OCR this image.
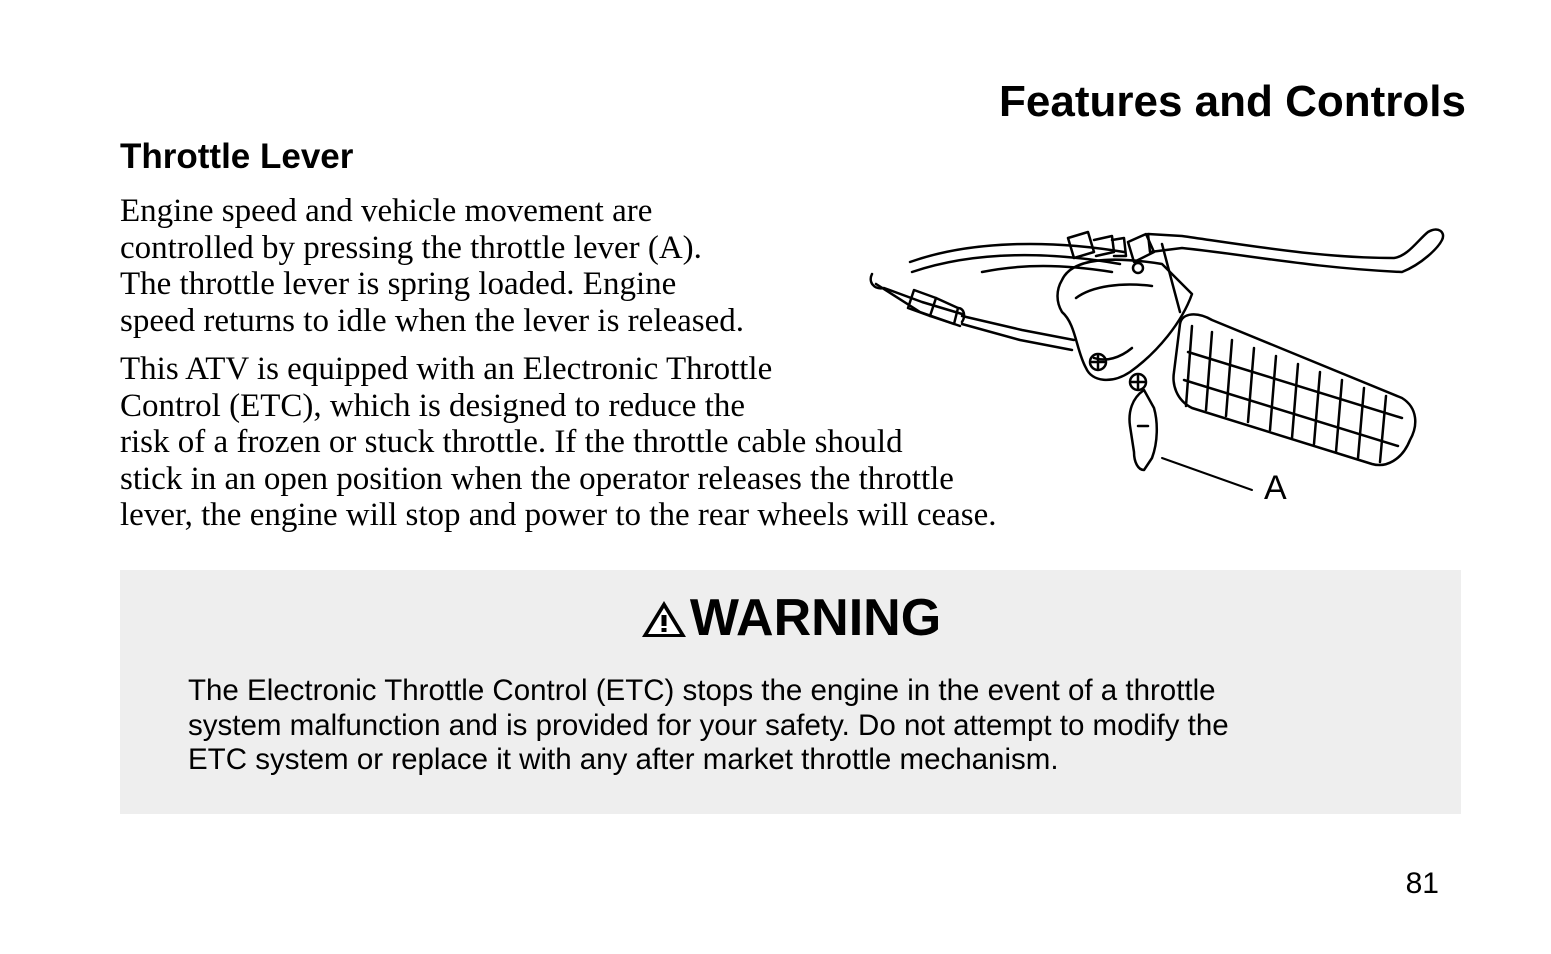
Features and Controls
Throttle Lever

Engine speed and vehicle movement are
controlled by pressing the throttle lever (A).
The throttle lever is spring loaded. Engine
speed returns to idle when the lever is released.

This ATV is equipped with an Electronic Throttle
Control (ETC), which is designed to reduce the
risk of a frozen or stuck throttle. If the throttle cable should
stick in an open position when the operator releases the throttle
lever, the engine will stop and power to the rear wheels will cease.

A
WARNING
The Electronic Throttle Control (ETC) stops the engine in the event of a throttle
system malfunction and is provided for your safety. Do not attempt to modify the
ETC system or replace it with any after market throttle mechanism.
81
